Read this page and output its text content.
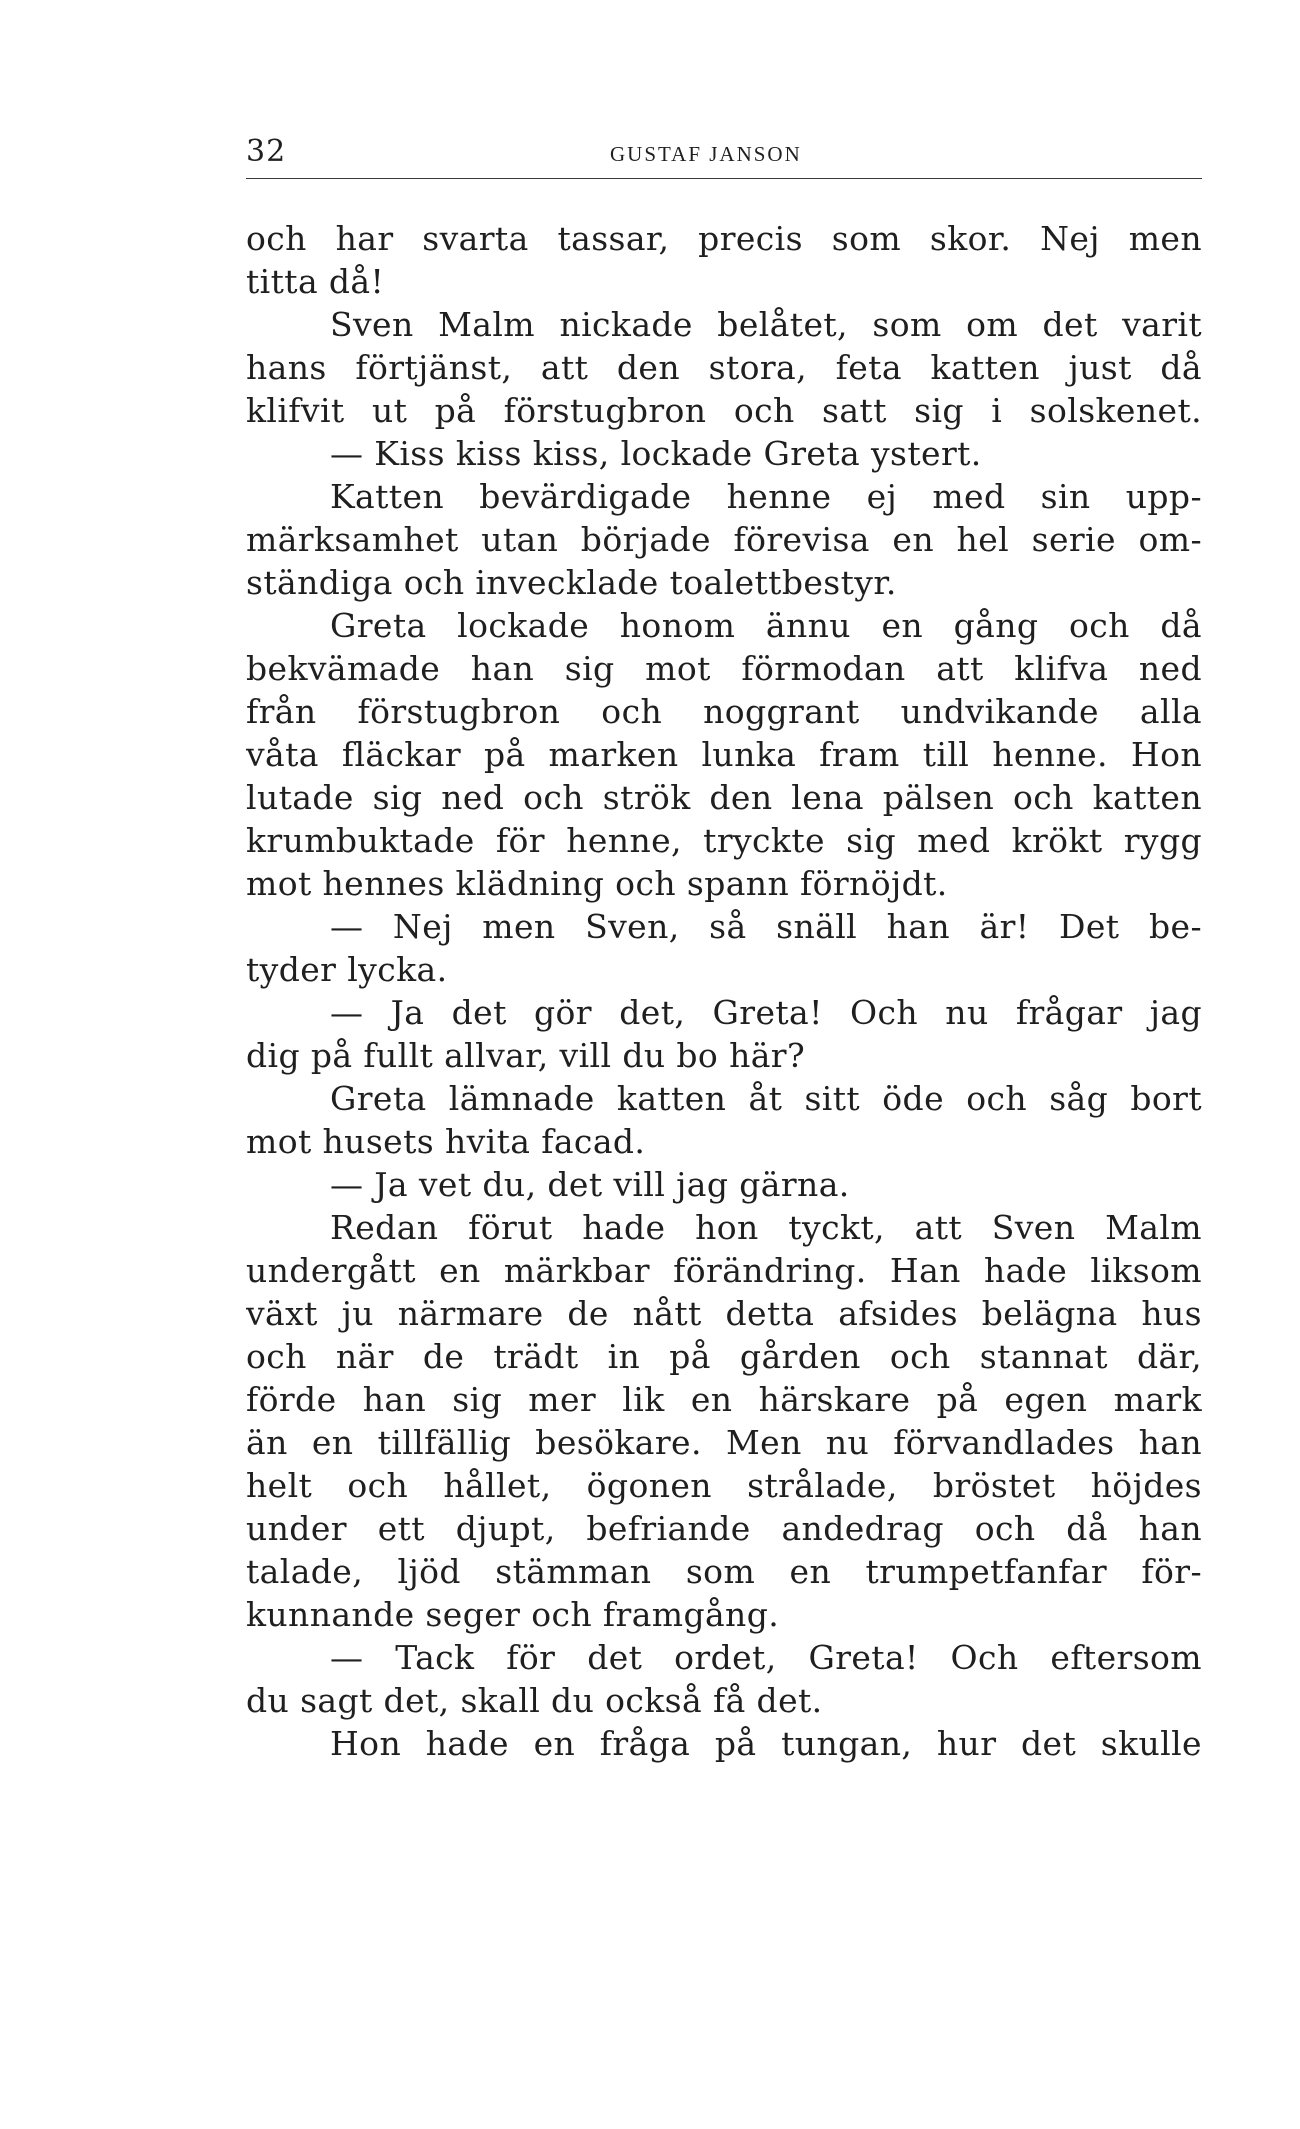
32	GUSTAF JANSON
och har svarta tassar, precis som skor. Nej men
titta då!
Sven Malm nickade belåtet, som om det varit
hans förtjänst, att den stora, feta katten just då
klifvit ut på förstugbron och satt sig i solskenet.
— Kiss kiss kiss, lockade Greta ystert.
Katten bevärdigade henne ej med sin upp-
märksamhet utan började förevisa en hel serie om-
ständiga och invecklade toalettbestyr.
Greta lockade honom ännu en gång och då
bekvämade han sig mot förmodan att klifva ned
från förstugbron och noggrant undvikande alla
våta fläckar på marken lunka fram till henne. Hon
lutade sig ned och strök den lena pälsen och katten
krumbuktade för henne, tryckte sig med krökt rygg
mot hennes klädning och spann förnöjdt.
— Nej men Sven, så snäll han är! Det be-
tyder lycka.
— Ja det gör det, Greta! Och nu frågar jag
dig på fullt allvar, vill du bo här?
Greta lämnade katten åt sitt öde och såg bort
mot husets hvita facad.
— Ja vet du, det vill jag gärna.
Redan förut hade hon tyckt, att Sven Malm
undergått en märkbar förändring. Han hade liksom
växt ju närmare de nått detta afsides belägna hus
och när de trädt in på gården och stannat där,
förde han sig mer lik en härskare på egen mark
än en tillfällig besökare. Men nu förvandlades han
helt och hållet, ögonen strålade, bröstet höjdes
under ett djupt, befriande andedrag och då han
talade, ljöd stämman som en trumpetfanfar för-
kunnande seger och framgång.
— Tack för det ordet, Greta! Och eftersom
du sagt det, skall du också få det.
Hon hade en fråga på tungan, hur det skulle
